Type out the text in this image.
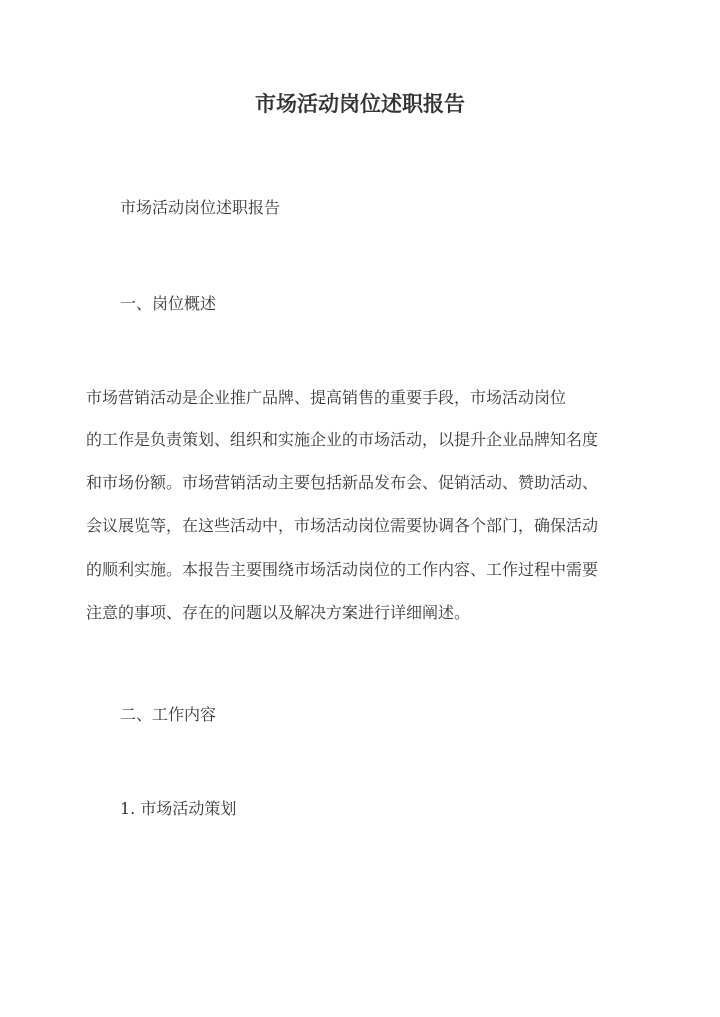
市场活动岗位述职报告
市场活动岗位述职报告
一、岗位概述
市场营销活动是企业推广品牌、提高销售的重要手段，市场活动岗位
的工作是负责策划、组织和实施企业的市场活动，以提升企业品牌知名度
和市场份额。市场营销活动主要包括新品发布会、促销活动、赞助活动、
会议展览等，在这些活动中，市场活动岗位需要协调各个部门，确保活动
的顺利实施。本报告主要围绕市场活动岗位的工作内容、工作过程中需要
注意的事项、存在的问题以及解决方案进行详细阐述。
二、工作内容
1. 市场活动策划
